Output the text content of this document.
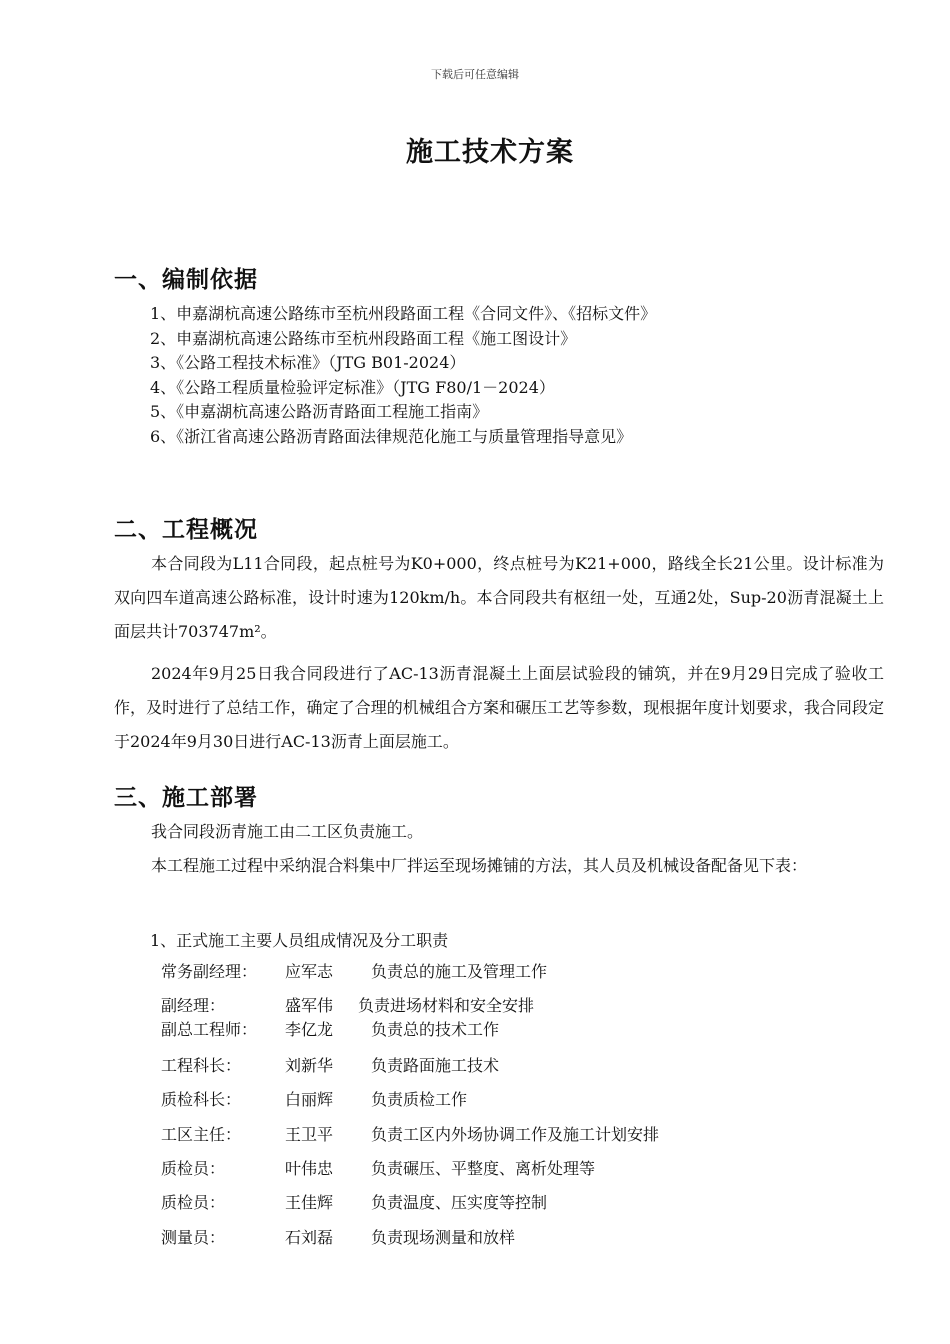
下载后可任意编辑
施工技术方案
一、编制依据
1、申嘉湖杭高速公路练市至杭州段路面工程《合同文件》、《招标文件》
2、申嘉湖杭高速公路练市至杭州段路面工程《施工图设计》
3、《公路工程技术标准》（JTG B01-2024）
4、《公路工程质量检验评定标准》（JTG F80/1－2024）
5、《申嘉湖杭高速公路沥青路面工程施工指南》
6、《浙江省高速公路沥青路面法律规范化施工与质量管理指导意见》
二、工程概况

本合同段为L11合同段，起点桩号为K0+000，终点桩号为K21+000，路线全长21公里。设计标准为双向四车道高速公路标准，设计时速为120km/h。本合同段共有枢纽一处，互通2处，Sup-20沥青混凝土上面层共计703747m²。

2024年9月25日我合同段进行了AC-13沥青混凝土上面层试验段的铺筑，并在9月29日完成了验收工作，及时进行了总结工作，确定了合理的机械组合方案和碾压工艺等参数，现根据年度计划要求，我合同段定于2024年9月30日进行AC-13沥青上面层施工。

三、施工部署

我合同段沥青施工由二工区负责施工。

本工程施工过程中采纳混合料集中厂拌运至现场摊铺的方法，其人员及机械设备配备见下表：

1、正式施工主要人员组成情况及分工职责
常务副经理： 应军志 负责总的施工及管理工作
副经理：	盛军伟 负责进场材料和安全安排
副总工程师： 李亿龙 负责总的技术工作
工程科长：	刘新华 负责路面施工技术
质检科长：	白丽辉 负责质检工作
工区主任：	王卫平 负责工区内外场协调工作及施工计划安排
质检员：	叶伟忠 负责碾压、平整度、离析处理等
质检员：	王佳辉 负责温度、压实度等控制
测量员：	石刘磊 负责现场测量和放样
